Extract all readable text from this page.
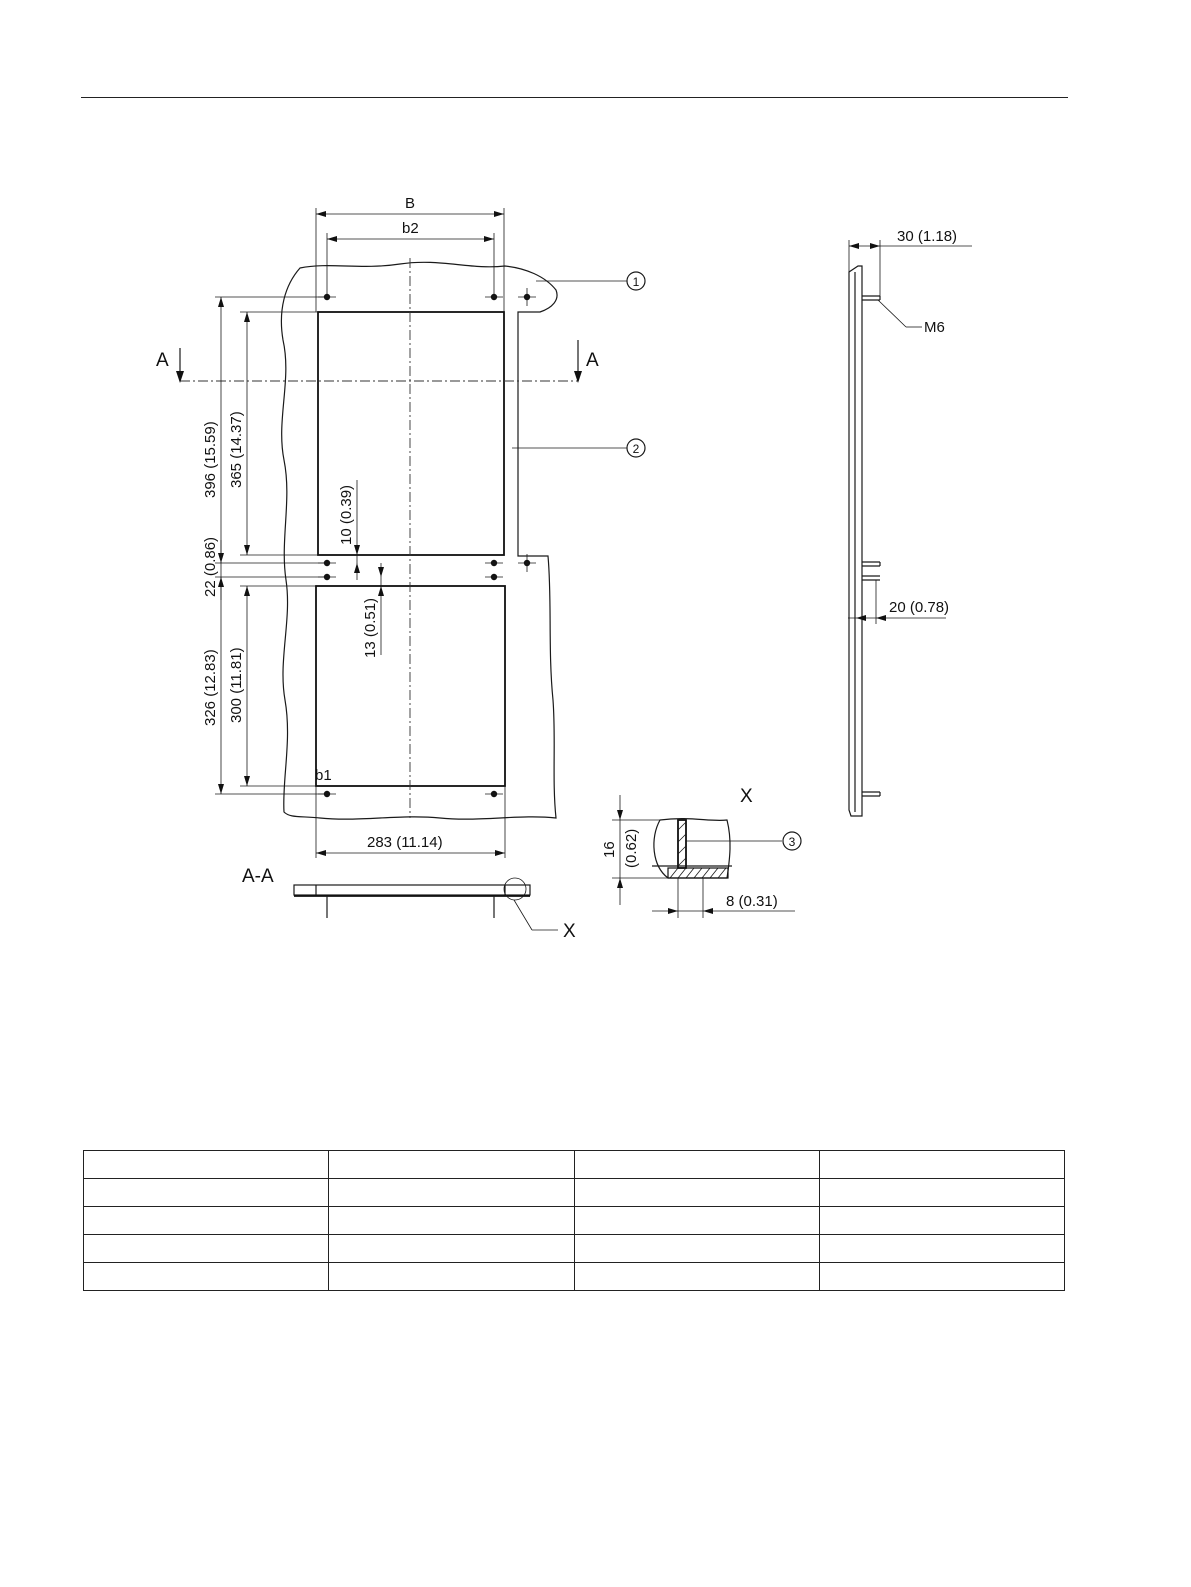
A	A
B
b2
396 (15.59) 365 (14.37)
22 (0.86)
326 (12.83) 300 (11.81)
10 (0.39)
13 (0.51)
b1
283 (11.14)
1
2
A-A
X
X
3
16 (0.62)
8 (0.31)
30 (1.18)
M6
20 (0.78)
